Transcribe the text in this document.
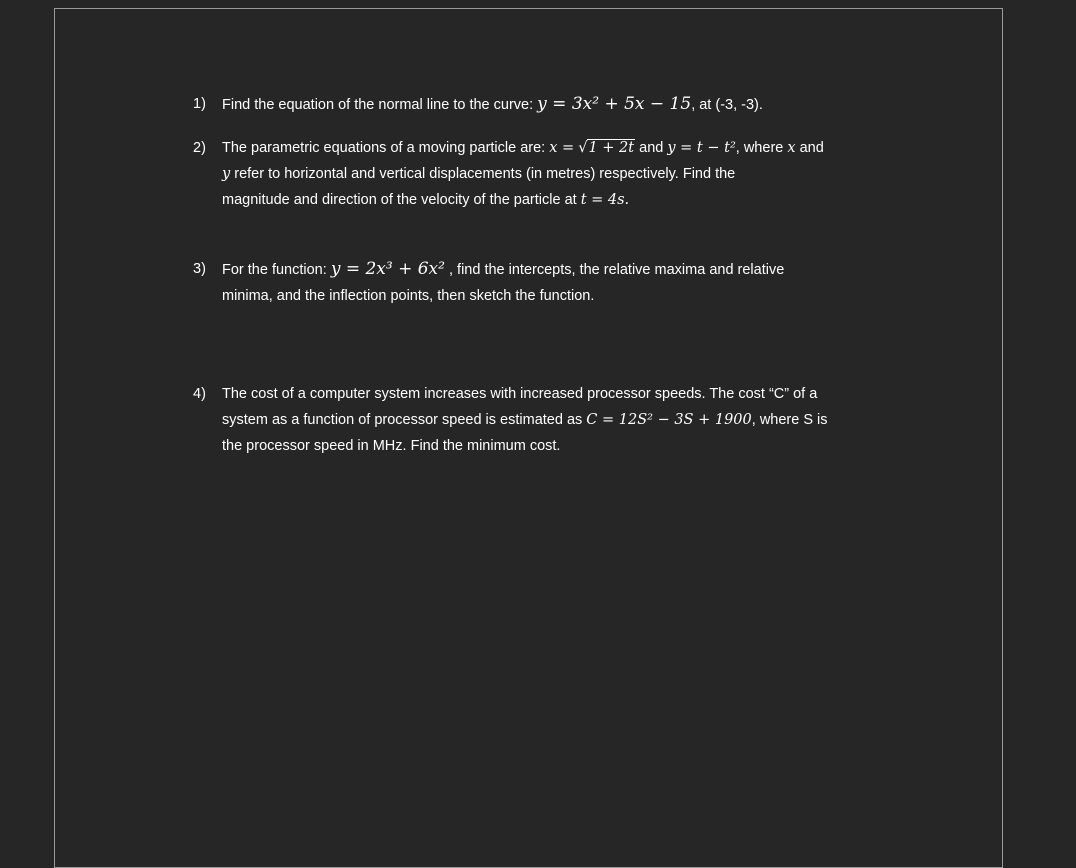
1)	Find the equation of the normal line to the curve: y = 3x² + 5x − 15, at (-3, -3).
2)	The parametric equations of a moving particle are: x = √1 + 2t and y = t − t², where x and
y refer to horizontal and vertical displacements (in metres) respectively. Find the
magnitude and direction of the velocity of the particle at t = 4s.
3)	For the function: y = 2x³ + 6x² , find the intercepts, the relative maxima and relative
minima, and the inflection points, then sketch the function.
4)	The cost of a computer system increases with increased processor speeds. The cost “C” of a
system as a function of processor speed is estimated as C = 12S² − 3S + 1900, where S is
the processor speed in MHz. Find the minimum cost.
